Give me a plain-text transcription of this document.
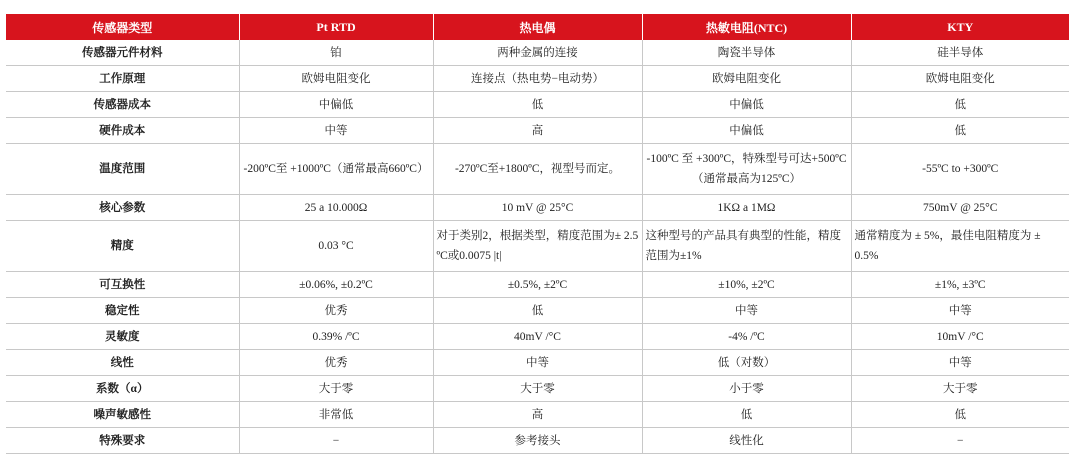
传感器类型	Pt RTD	热电偶	热敏电阻(NTC)	KTY
传感器元件材料	铂	两种金属的连接	陶瓷半导体	硅半导体
工作原理	欧姆电阻变化	连接点（热电势−电动势）	欧姆电阻变化	欧姆电阻变化
传感器成本	中偏低	低	中偏低	低
硬件成本	中等	高	中偏低	低
温度范围	-200ºC至 +1000ºC（通常最高660ºC）	-270ºC至+1800ºC，视型号而定。	-100ºC 至 +300ºC，特殊型号可达+500ºC（通常最高为125ºC）	-55ºC to +300ºC
核心参数	25 a 10.000Ω	10 mV @ 25°C	1KΩ a 1MΩ	750mV @ 25°C
精度	0.03 °C	对于类别2，根据类型，精度范围为± 2.5 ºC或0.0075 |t|	这种型号的产品具有典型的性能，精度范围为±1%	通常精度为 ± 5%，最佳电阻精度为 ± 0.5%
可互换性	±0.06%, ±0.2ºC	±0.5%, ±2ºC	±10%, ±2ºC	±1%, ±3ºC
稳定性	优秀	低	中等	中等
灵敏度	0.39% /ºC	40mV /°C	-4% /ºC	10mV /°C
线性	优秀	中等	低（对数）	中等
系数（α）	大于零	大于零	小于零	大于零
噪声敏感性	非常低	高	低	低
特殊要求	−	参考接头	线性化	−
